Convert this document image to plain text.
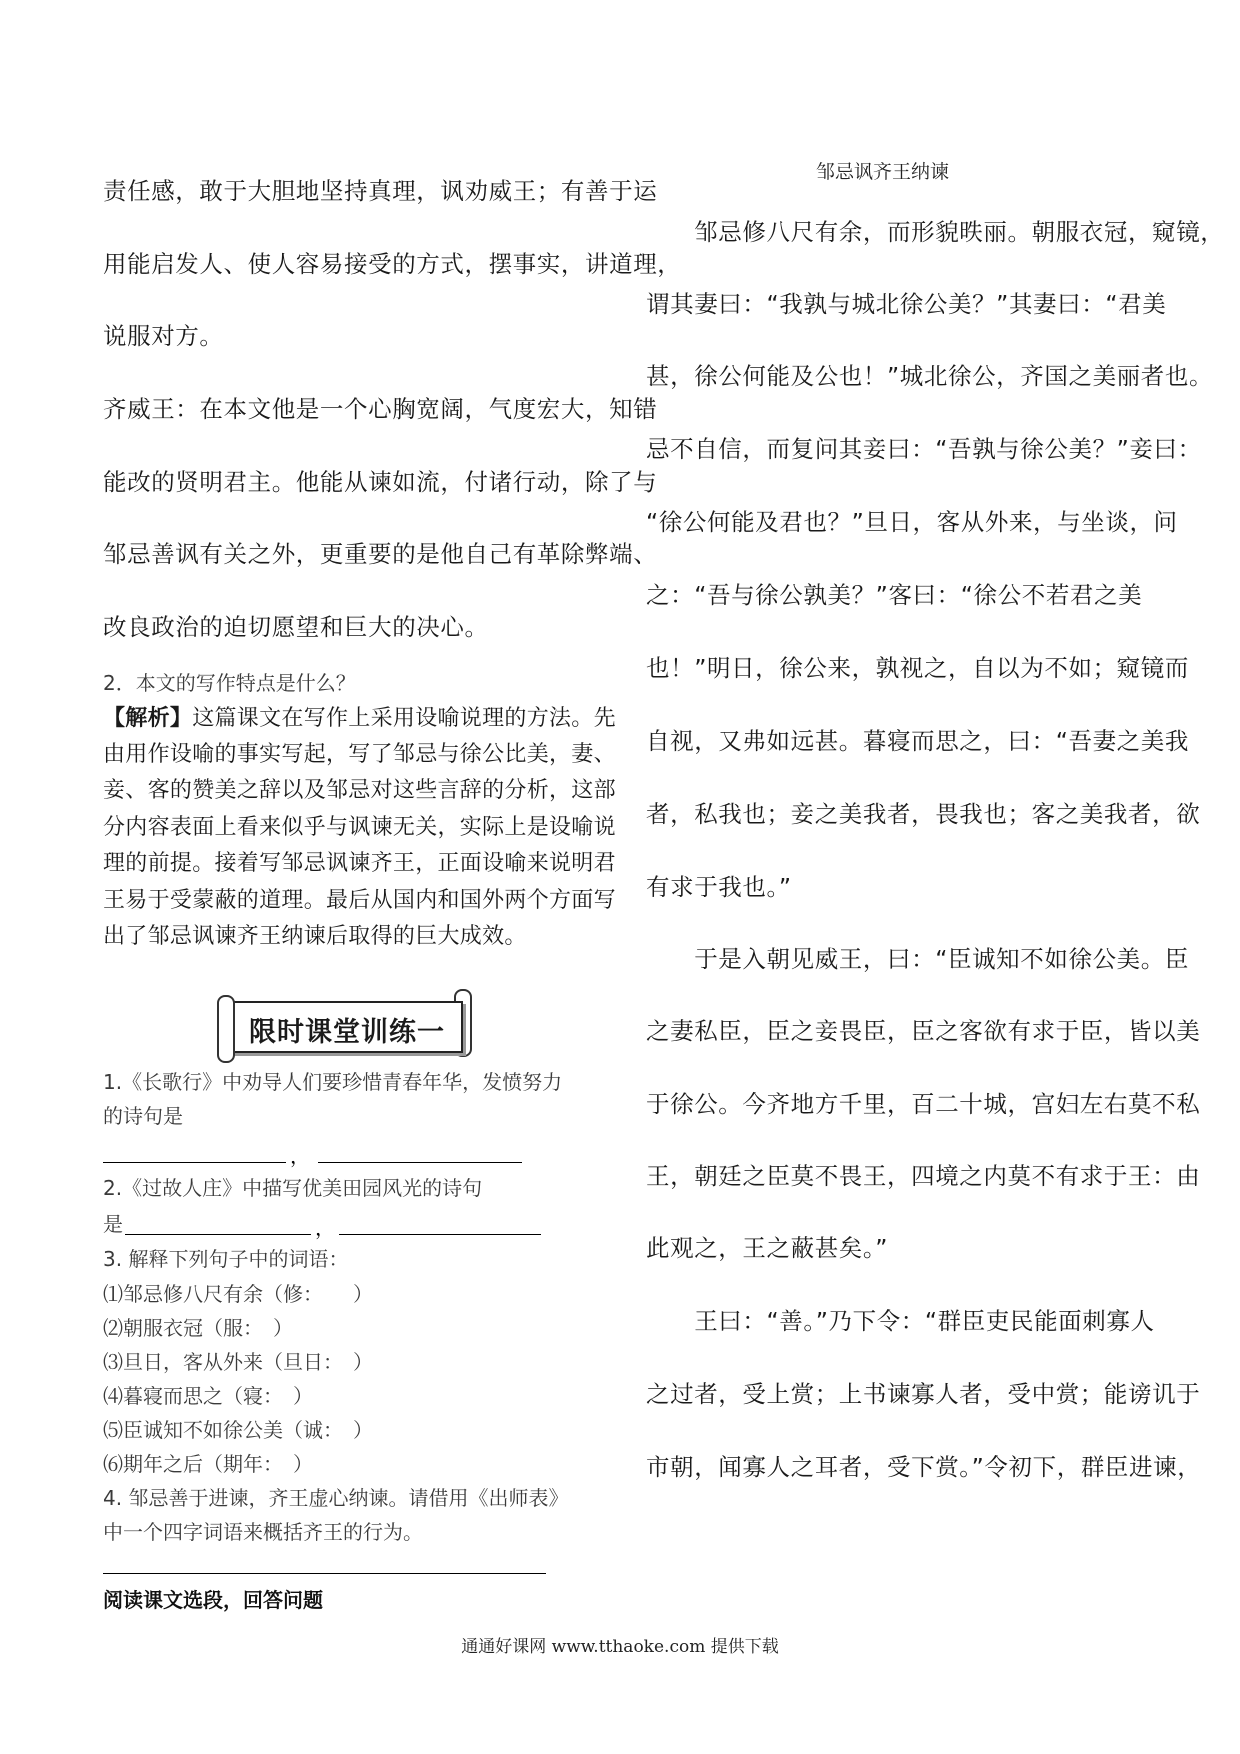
责任感，敢于大胆地坚持真理，讽劝威王；有善于运
用能启发人、使人容易接受的方式，摆事实，讲道理，
说服对方。
齐威王：在本文他是一个心胸宽阔，气度宏大，知错
能改的贤明君主。他能从谏如流，付诸行动，除了与
邹忌善讽有关之外，更重要的是他自己有革除弊端、
改良政治的迫切愿望和巨大的决心。
2．本文的写作特点是什么？
【解析】这篇课文在写作上采用设喻说理的方法。先
由用作设喻的事实写起，写了邹忌与徐公比美，妻、
妾、客的赞美之辞以及邹忌对这些言辞的分析，这部
分内容表面上看来似乎与讽谏无关，实际上是设喻说
理的前提。接着写邹忌讽谏齐王，正面设喻来说明君
王易于受蒙蔽的道理。最后从国内和国外两个方面写
出了邹忌讽谏齐王纳谏后取得的巨大成效。
限时课堂训练一
1.《长歌行》中劝导人们要珍惜青春年华，发愤努力
的诗句是
，
2.《过故人庄》中描写优美田园风光的诗句
是	，
3. 解释下列句子中的词语：
⑴邹忌修八尺有余（修：　　）
⑵朝服衣冠（服：　）
⑶旦日，客从外来（旦日：　）
⑷暮寝而思之（寝：　）
⑸臣诚知不如徐公美（诚：　）
⑹期年之后（期年：　）
4. 邹忌善于进谏，齐王虚心纳谏。请借用《出师表》
中一个四字词语来概括齐王的行为。
阅读课文选段，回答问题
邹忌讽齐王纳谏
　　邹忌修八尺有余，而形貌昳丽。朝服衣冠，窥镜，
谓其妻曰：“我孰与城北徐公美？”其妻曰：“君美
甚，徐公何能及公也！”城北徐公，齐国之美丽者也。
忌不自信，而复问其妾曰：“吾孰与徐公美？”妾曰：
“徐公何能及君也？”旦日，客从外来，与坐谈，问
之：“吾与徐公孰美？”客曰：“徐公不若君之美
也！”明日，徐公来，孰视之，自以为不如；窥镜而
自视，又弗如远甚。暮寝而思之，曰：“吾妻之美我
者，私我也；妾之美我者，畏我也；客之美我者，欲
有求于我也。”
　　于是入朝见威王，曰：“臣诚知不如徐公美。臣
之妻私臣，臣之妾畏臣，臣之客欲有求于臣，皆以美
于徐公。今齐地方千里，百二十城，宫妇左右莫不私
王，朝廷之臣莫不畏王，四境之内莫不有求于王：由
此观之，王之蔽甚矣。”
　　王曰：“善。”乃下令：“群臣吏民能面刺寡人
之过者，受上赏；上书谏寡人者，受中赏；能谤讥于
市朝，闻寡人之耳者，受下赏。”令初下，群臣进谏，
通通好课网 www.tthaoke.com 提供下载
